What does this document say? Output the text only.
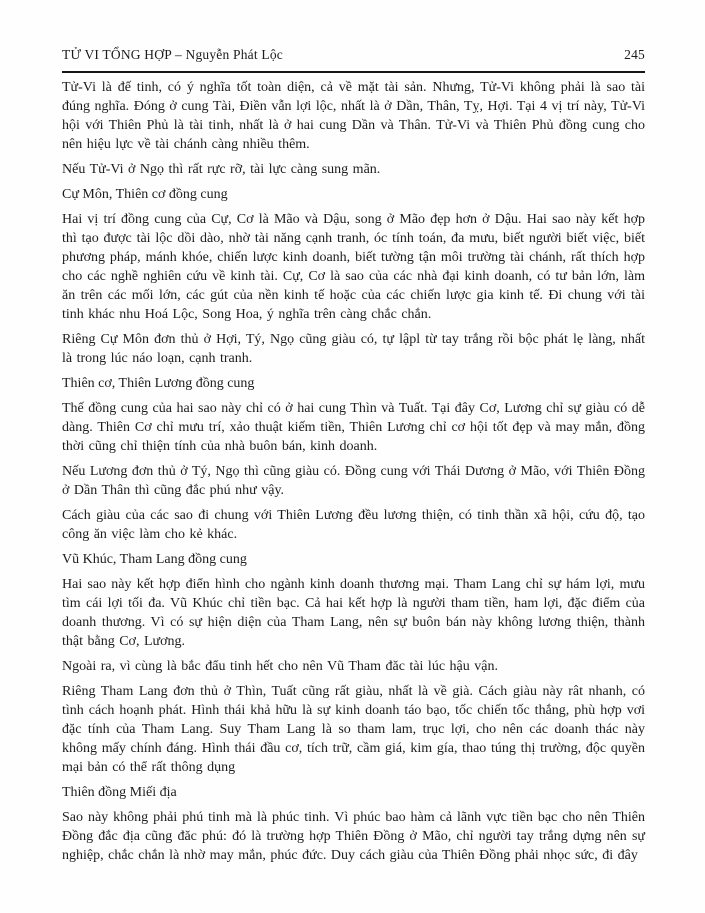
TỬ VI TỔNG HỢP – Nguyễn Phát Lộc	245

Tử-Vi là đế tinh, có ý nghĩa tốt toàn diện, cả về mặt tài sản. Nhưng, Tử-Vi không phải là sao tài đúng nghĩa. Đóng ở cung Tài, Điền vẫn lợi lộc, nhất là ở Dần, Thân, Tỵ, Hợi. Tại 4 vị trí này, Tử-Vi hội với Thiên Phủ là tài tinh, nhất là ở hai cung Dần và Thân. Tử-Vi và Thiên Phủ đồng cung cho nên hiệu lực về tài chánh càng nhiều thêm.

Nếu Tử-Vi ở Ngọ thì rất rực rỡ, tài lực càng sung mãn.

Cự Môn, Thiên cơ đồng cung

Hai vị trí đồng cung của Cự, Cơ là Mão và Dậu, song ở Mão đẹp hơn ở Dậu. Hai sao này kết hợp thì tạo được tài lộc dồi dào, nhờ tài năng cạnh tranh, óc tính toán, đa mưu, biết người biết việc, biết phương pháp, mánh khóe, chiến lược kinh doanh, biết tường tận môi trường tài chánh, rất thích hợp cho các nghề nghiên cứu về kinh tài. Cự, Cơ là sao của các nhà đại kinh doanh, có tư bản lớn, làm ăn trên các mối lớn, các gút của nền kinh tế hoặc của các chiến lược gia kinh tế. Đi chung với tài tinh khác nhu Hoá Lộc, Song Hoa, ý nghĩa trên càng chắc chắn.

Riêng Cự Môn đơn thủ ở Hợi, Tý, Ngọ cũng giàu có, tự lậpl từ tay trắng rồi bộc phát lẹ làng, nhất là trong lúc náo loạn, cạnh tranh.

Thiên cơ, Thiên Lương đồng cung

Thế đồng cung của hai sao này chỉ có ở hai cung Thìn và Tuất. Tại đây Cơ, Lương chỉ sự giàu có dễ dàng. Thiên Cơ chỉ mưu trí, xảo thuật kiếm tiền, Thiên Lương chỉ cơ hội tốt đẹp và may mắn, đồng thời cũng chỉ thiện tính của nhà buôn bán, kinh doanh.

Nếu Lương đơn thủ ở Tý, Ngọ thì cũng giàu có. Đồng cung với Thái Dương ở Mão, với Thiên Đồng ở Dần Thân thì cũng đắc phú như vậy.

Cách giàu của các sao đi chung với Thiên Lương đều lương thiện, có tinh thần xã hội, cứu độ, tạo công ăn việc làm cho kẻ khác.

Vũ Khúc, Tham Lang đồng cung

Hai sao này kết hợp điển hình cho ngành kinh doanh thương mại. Tham Lang chỉ sự hám lợi, mưu tìm cái lợi tối đa. Vũ Khúc chỉ tiền bạc. Cả hai kết hợp là người tham tiền, ham lợi, đặc điểm của doanh thương. Vì có sự hiện diện của Tham Lang, nên sự buôn bán này không lương thiện, thành thật bằng Cơ, Lương.

Ngoài ra, vì cùng là bắc đẩu tinh hết cho nên Vũ Tham đăc tài lúc hậu vận.

Riêng Tham Lang đơn thủ ở Thìn, Tuất cũng rất giàu, nhất là về già. Cách giàu này rât nhanh, có tình cách hoạnh phát. Hình thái khả hữu là sự kinh doanh táo bạo, tốc chiến tốc thắng, phù hợp vơi đặc tính của Tham Lang. Suy Tham Lang là so tham lam, trục lợi, cho nên các doanh thác này không mấy chính đáng. Hình thái đầu cơ, tích trữ, cầm giá, kim gía, thao túng thị trường, độc quyền mại bản có thể rất thông dụng

Thiên đồng Miếi địa

Sao này không phải phú tinh mà là phúc tinh. Vì phúc bao hàm cả lãnh vực tiền bạc cho nên Thiên Đồng đắc địa cũng đăc phú: đó là trường hợp Thiên Đồng ở Mão, chỉ người tay trắng dựng nên sự nghiệp, chắc chắn là nhờ may mắn, phúc đức. Duy cách giàu của Thiên Đồng phải nhọc sức, đi đây
